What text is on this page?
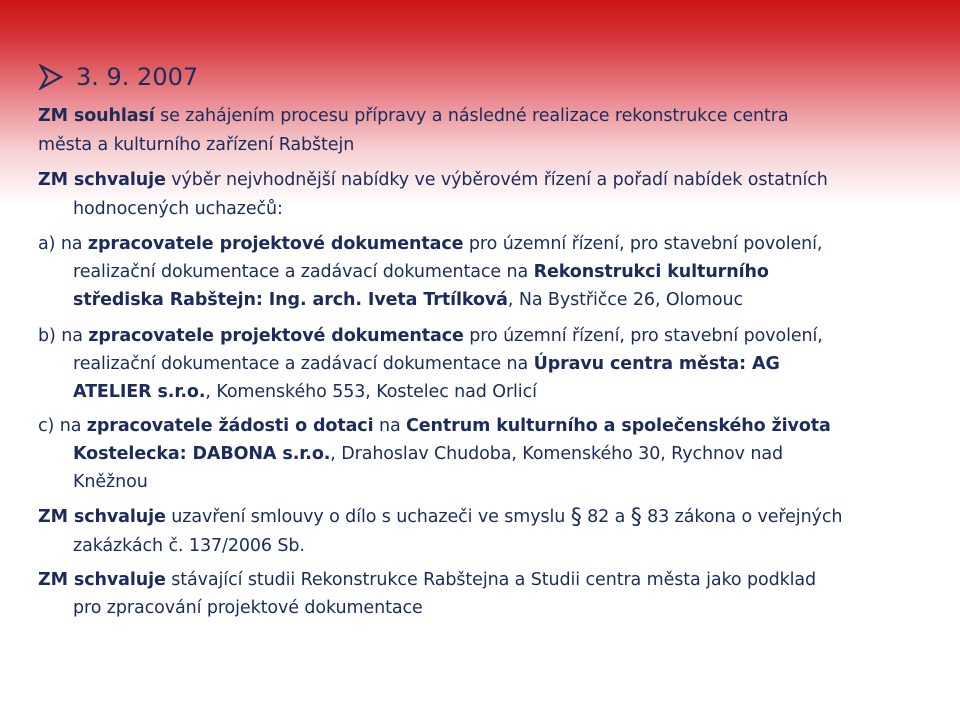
3. 9. 2007
ZM souhlasí se zahájením procesu přípravy a následné realizace rekonstrukce centra
města a kulturního zařízení Rabštejn
ZM schvaluje výběr nejvhodnější nabídky ve výběrovém řízení a pořadí nabídek ostatních
hodnocených uchazečů:
a) na zpracovatele projektové dokumentace pro územní řízení, pro stavební povolení,
realizační dokumentace a zadávací dokumentace na Rekonstrukci kulturního
střediska Rabštejn: Ing. arch. Iveta Trtílková, Na Bystřičce 26, Olomouc
b) na zpracovatele projektové dokumentace pro územní řízení, pro stavební povolení,
realizační dokumentace a zadávací dokumentace na Úpravu centra města: AG
ATELIER s.r.o., Komenského 553, Kostelec nad Orlicí
c) na zpracovatele žádosti o dotaci na Centrum kulturního a společenského života
Kostelecka: DABONA s.r.o., Drahoslav Chudoba, Komenského 30, Rychnov nad
Kněžnou
ZM schvaluje uzavření smlouvy o dílo s uchazeči ve smyslu § 82 a § 83 zákona o veřejných
zakázkách č. 137/2006 Sb.
ZM schvaluje stávající studii Rekonstrukce Rabštejna a Studii centra města jako podklad
pro zpracování projektové dokumentace
